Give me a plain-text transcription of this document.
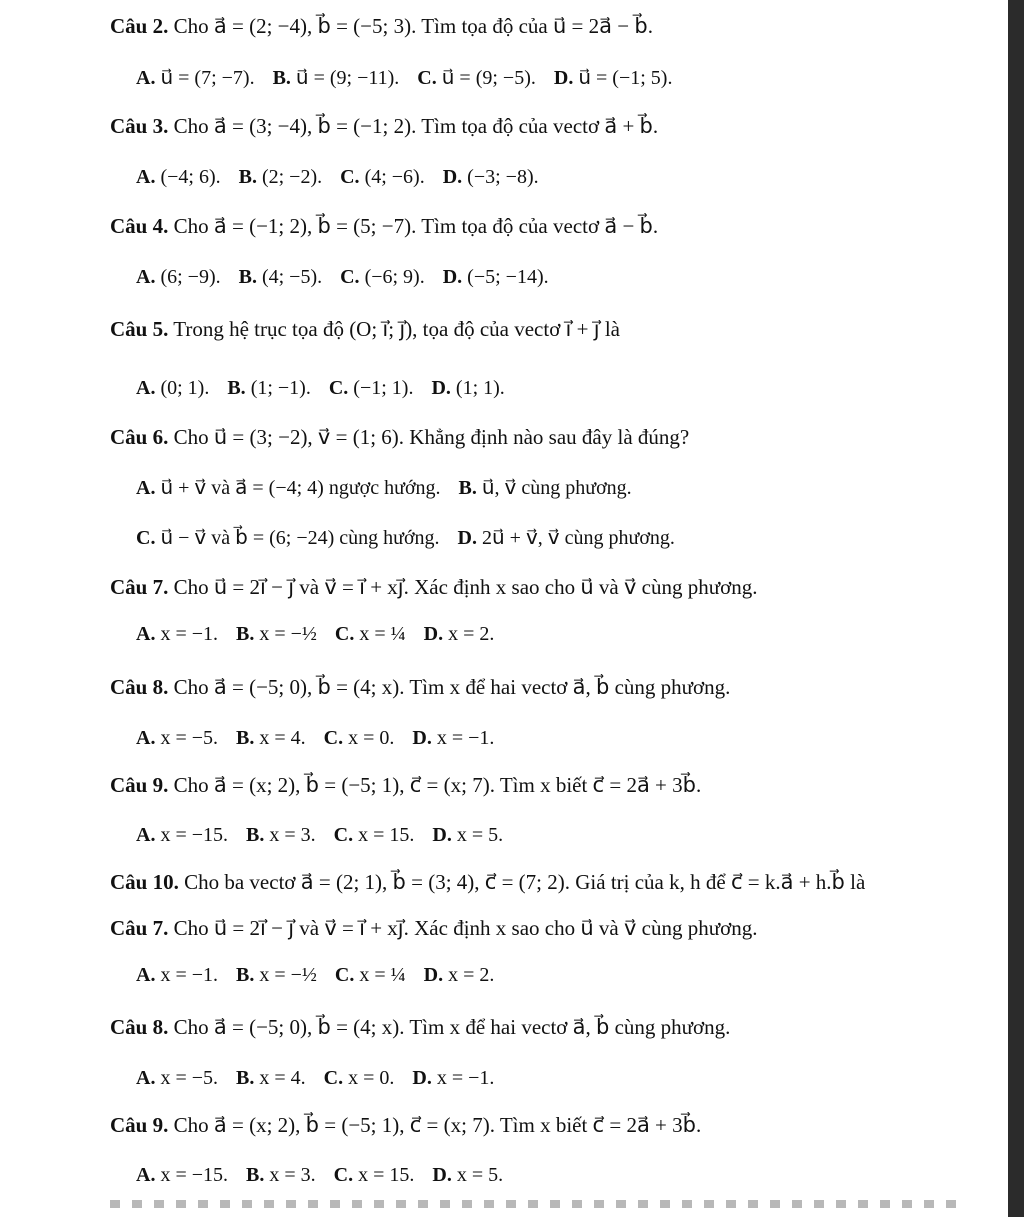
Câu 2. Cho a⃗ = (2; −4), b⃗ = (−5; 3). Tìm tọa độ của u⃗ = 2a⃗ − b⃗.
A. u⃗ = (7; −7). B. u⃗ = (9; −11). C. u⃗ = (9; −5). D. u⃗ = (−1; 5).
Câu 3. Cho a⃗ = (3; −4), b⃗ = (−1; 2). Tìm tọa độ của vectơ a⃗ + b⃗.
A. (−4; 6). B. (2; −2). C. (4; −6). D. (−3; −8).
Câu 4. Cho a⃗ = (−1; 2), b⃗ = (5; −7). Tìm tọa độ của vectơ a⃗ − b⃗.
A. (6; −9). B. (4; −5). C. (−6; 9). D. (−5; −14).
Câu 5. Trong hệ trục tọa độ (O; i⃗; j⃗), tọa độ của vectơ i⃗ + j⃗ là
A. (0; 1). B. (1; −1). C. (−1; 1). D. (1; 1).
Câu 6. Cho u⃗ = (3; −2), v⃗ = (1; 6). Khẳng định nào sau đây là đúng?
A. u⃗ + v⃗ và a⃗ = (−4; 4) ngược hướng. B. u⃗, v⃗ cùng phương.
C. u⃗ − v⃗ và b⃗ = (6; −24) cùng hướng. D. 2u⃗ + v⃗, v⃗ cùng phương.
Câu 7. Cho u⃗ = 2i⃗ − j⃗ và v⃗ = i⃗ + xj⃗. Xác định x sao cho u⃗ và v⃗ cùng phương.
A. x = −1. B. x = −½ C. x = ¼ D. x = 2.
Câu 8. Cho a⃗ = (−5; 0), b⃗ = (4; x). Tìm x để hai vectơ a⃗, b⃗ cùng phương.
A. x = −5. B. x = 4. C. x = 0. D. x = −1.
Câu 9. Cho a⃗ = (x; 2), b⃗ = (−5; 1), c⃗ = (x; 7). Tìm x biết c⃗ = 2a⃗ + 3b⃗.
A. x = −15. B. x = 3. C. x = 15. D. x = 5.
Câu 10. Cho ba vectơ a⃗ = (2; 1), b⃗ = (3; 4), c⃗ = (7; 2). Giá trị của k, h để c⃗ = k.a⃗ + h.b⃗ là
Câu 7. Cho u⃗ = 2i⃗ − j⃗ và v⃗ = i⃗ + xj⃗. Xác định x sao cho u⃗ và v⃗ cùng phương.
A. x = −1. B. x = −½ C. x = ¼ D. x = 2.
Câu 8. Cho a⃗ = (−5; 0), b⃗ = (4; x). Tìm x để hai vectơ a⃗, b⃗ cùng phương.
A. x = −5. B. x = 4. C. x = 0. D. x = −1.
Câu 9. Cho a⃗ = (x; 2), b⃗ = (−5; 1), c⃗ = (x; 7). Tìm x biết c⃗ = 2a⃗ + 3b⃗.
A. x = −15. B. x = 3. C. x = 15. D. x = 5.
